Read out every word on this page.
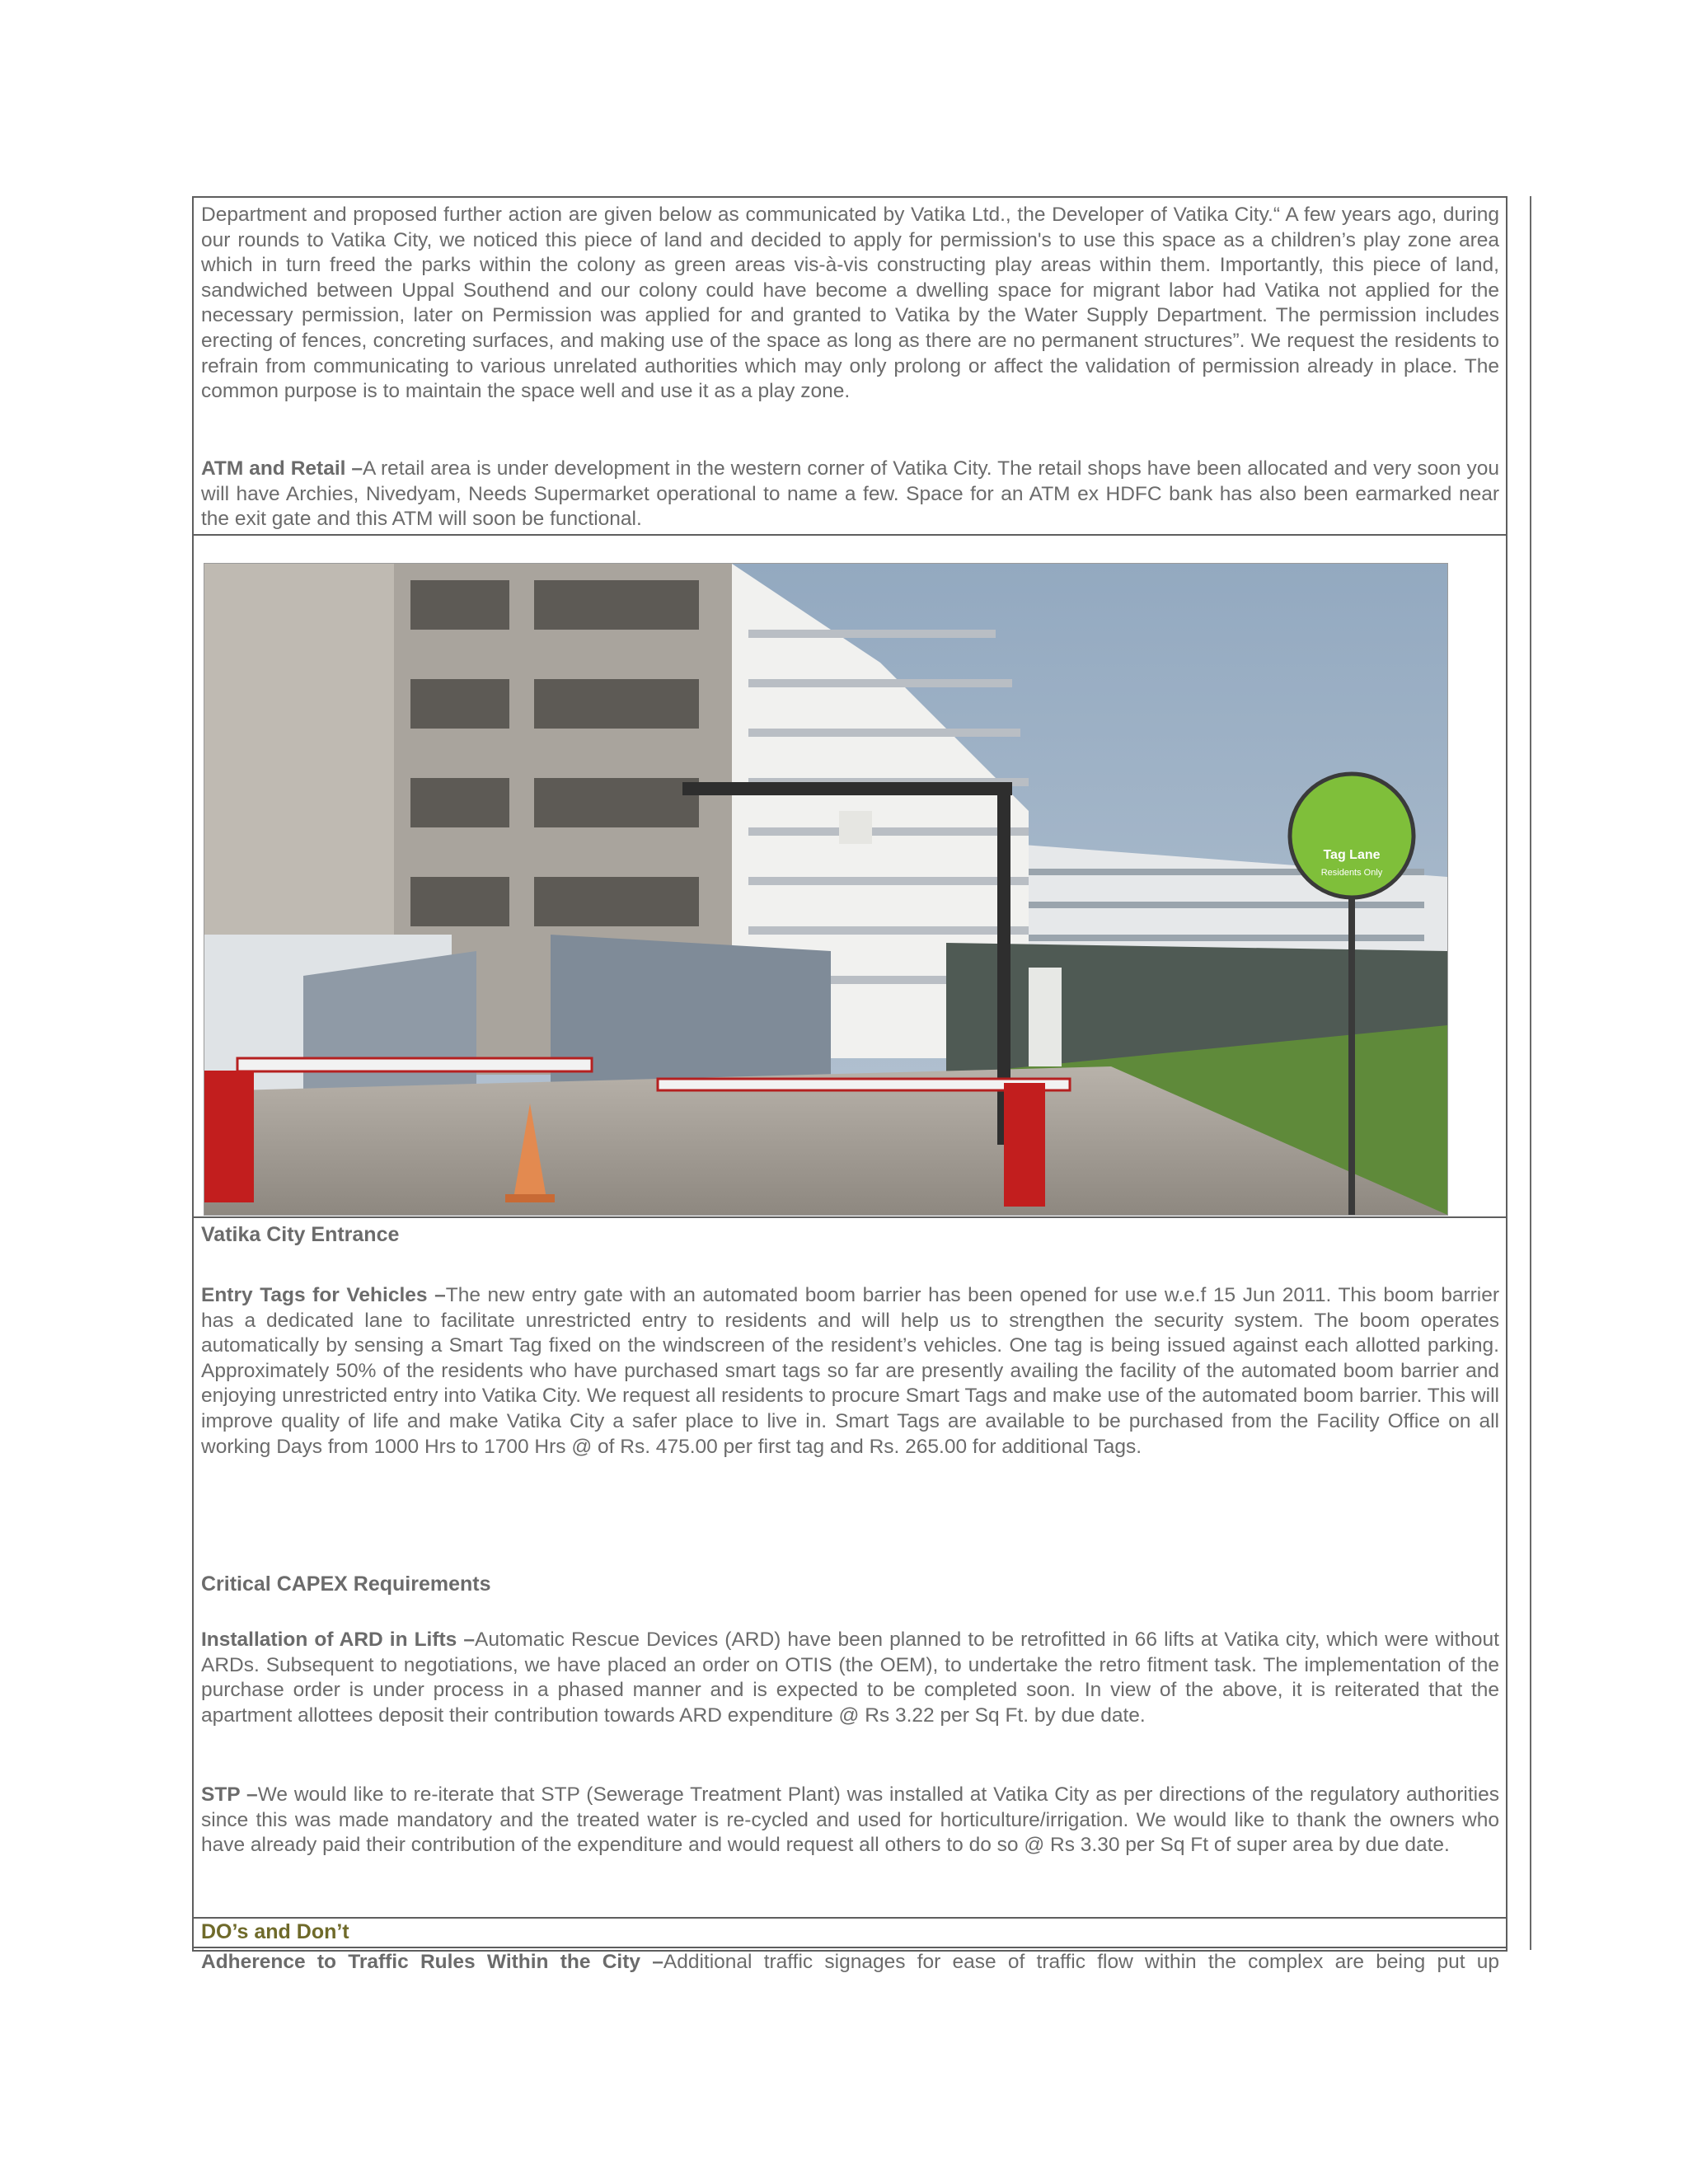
Department and proposed further action are given below as communicated by Vatika Ltd., the Developer of Vatika City.“ A few years ago, during our rounds to Vatika City, we noticed this piece of land and decided to apply for permission's to use this space as a children’s play zone area which in turn freed the parks within the colony as green areas vis-à-vis constructing play areas within them. Importantly, this piece of land, sandwiched between Uppal Southend and our colony could have become a dwelling space for migrant labor had Vatika not applied for the necessary permission, later on Permission was applied for and granted to Vatika by the Water Supply Department. The permission includes erecting of fences, concreting surfaces, and making use of the space as long as there are no permanent structures”. We request the residents to refrain from communicating to various unrelated authorities which may only prolong or affect the validation of permission already in place. The common purpose is to maintain the space well and use it as a play zone.

ATM and Retail –A retail area is under development in the western corner of Vatika City. The retail shops have been allocated and very soon you will have Archies, Nivedyam, Needs Supermarket operational to name a few. Space for an ATM ex HDFC bank has also been earmarked near the exit gate and this ATM will soon be functional.

Tag Lane
Residents Only
Vatika City Entrance

Entry Tags for Vehicles –The new entry gate with an automated boom barrier has been opened for use w.e.f 15 Jun 2011. This boom barrier has a dedicated lane to facilitate unrestricted entry to residents and will help us to strengthen the security system. The boom operates automatically by sensing a Smart Tag fixed on the windscreen of the resident’s vehicles. One tag is being issued against each allotted parking. Approximately 50% of the residents who have purchased smart tags so far are presently availing the facility of the automated boom barrier and enjoying unrestricted entry into Vatika City. We request all residents to procure Smart Tags and make use of the automated boom barrier. This will improve quality of life and make Vatika City a safer place to live in. Smart Tags are available to be purchased from the Facility Office on all working Days from 1000 Hrs to 1700 Hrs @ of Rs. 475.00 per first tag and Rs. 265.00 for additional Tags.

Critical CAPEX Requirements

Installation of ARD in Lifts –Automatic Rescue Devices (ARD) have been planned to be retrofitted in 66 lifts at Vatika city, which were without ARDs. Subsequent to negotiations, we have placed an order on OTIS (the OEM), to undertake the retro fitment task. The implementation of the purchase order is under process in a phased manner and is expected to be completed soon. In view of the above, it is reiterated that the apartment allottees deposit their contribution towards ARD expenditure @ Rs 3.22 per Sq Ft. by due date.

STP –We would like to re-iterate that STP (Sewerage Treatment Plant) was installed at Vatika City as per directions of the regulatory authorities since this was made mandatory and the treated water is re-cycled and used for horticulture/irrigation. We would like to thank the owners who have already paid their contribution of the expenditure and would request all others to do so @ Rs 3.30 per Sq Ft of super area by due date.

DO’s and Don’t

Adherence to Traffic Rules Within the City –Additional traffic signages for ease of traffic flow within the complex are being put up
